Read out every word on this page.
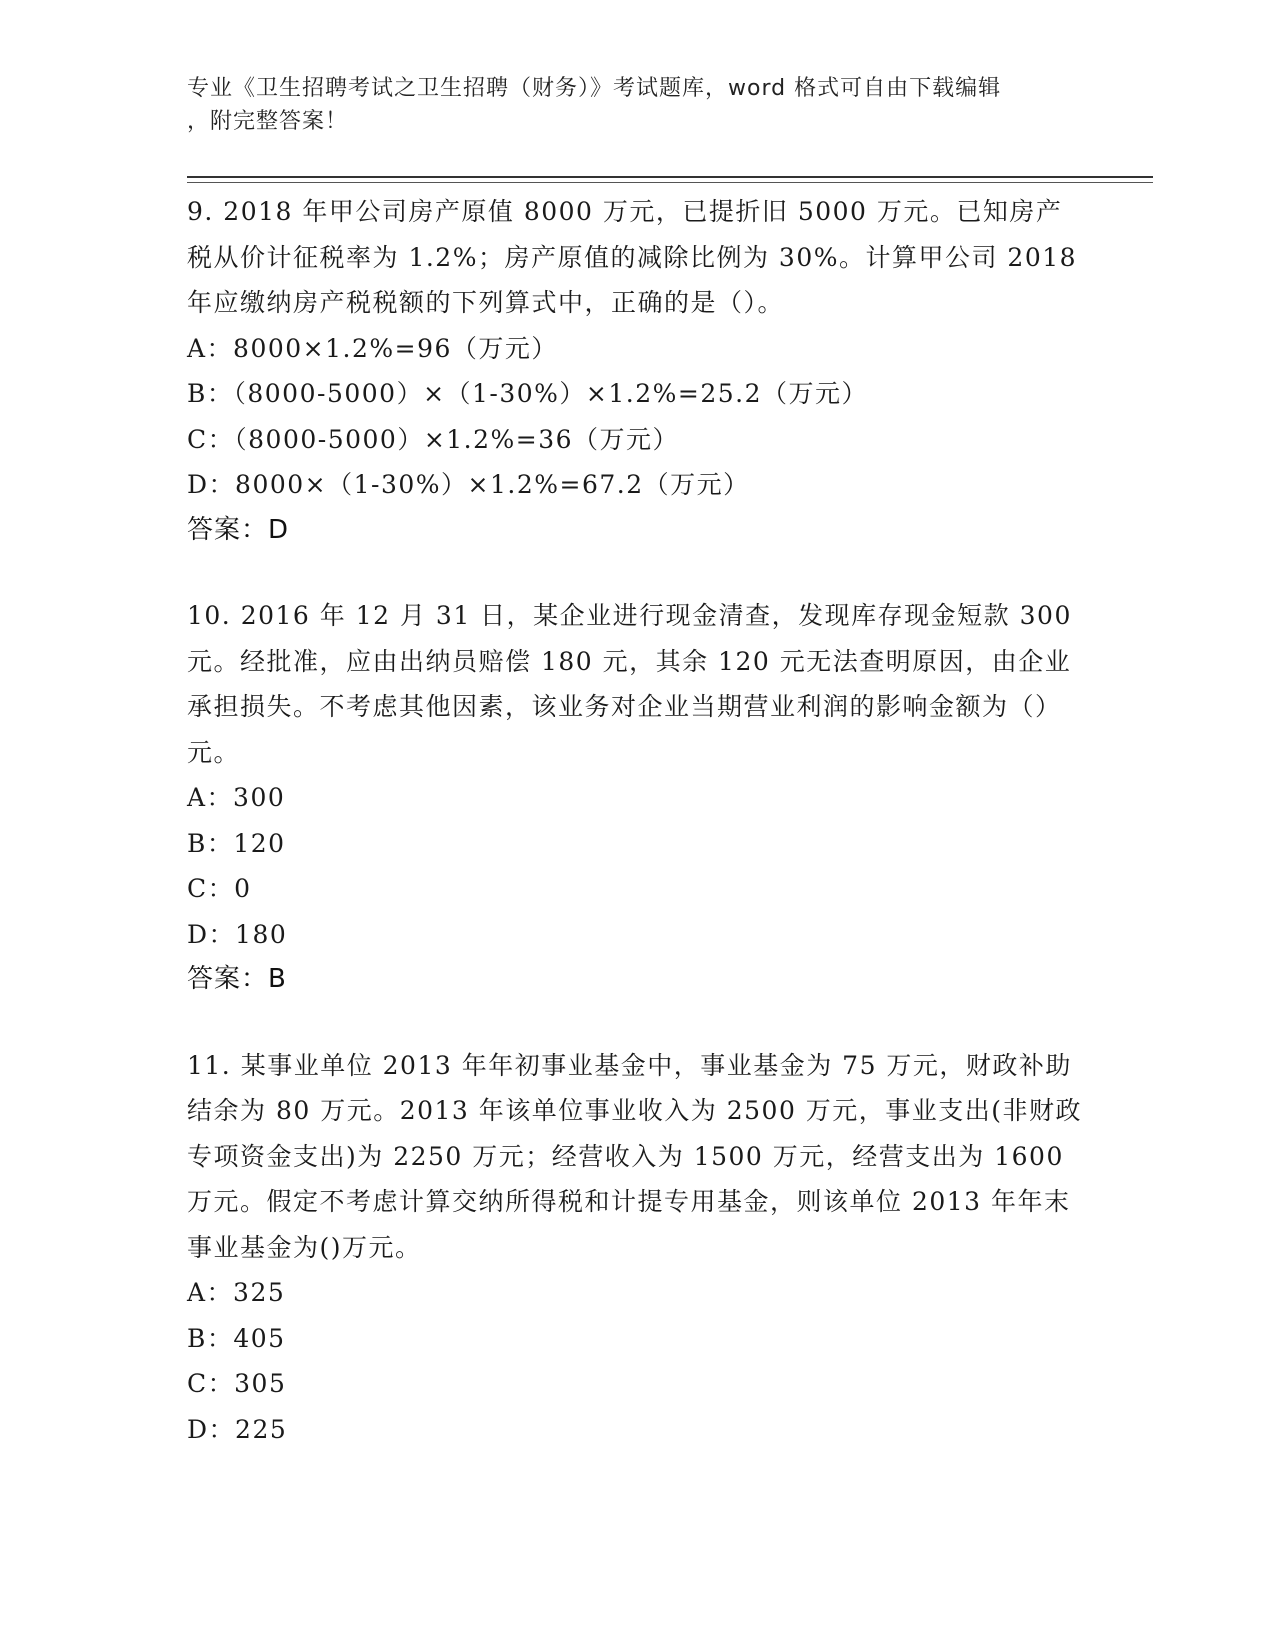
专业《卫生招聘考试之卫生招聘（财务）》考试题库，word 格式可自由下载编辑
，附完整答案！

9. 2018 年甲公司房产原值 8000 万元，已提折旧 5000 万元。已知房产税从价计征税率为 1.2%；房产原值的减除比例为 30%。计算甲公司 2018 年应缴纳房产税税额的下列算式中，正确的是（）。

A：8000×1.2%=96（万元）

B：（8000-5000）×（1-30%）×1.2%=25.2（万元）

C：（8000-5000）×1.2%=36（万元）

D：8000×（1-30%）×1.2%=67.2（万元）

答案：D

10. 2016 年 12 月 31 日，某企业进行现金清查，发现库存现金短款 300 元。经批准，应由出纳员赔偿 180 元，其余 120 元无法查明原因，由企业承担损失。不考虑其他因素，该业务对企业当期营业利润的影响金额为（）元。

A：300

B：120

C：0

D：180

答案：B

11. 某事业单位 2013 年年初事业基金中，事业基金为 75 万元，财政补助结余为 80 万元。2013 年该单位事业收入为 2500 万元，事业支出(非财政专项资金支出)为 2250 万元；经营收入为 1500 万元，经营支出为 1600 万元。假定不考虑计算交纳所得税和计提专用基金，则该单位 2013 年年末事业基金为()万元。

A：325

B：405

C：305

D：225
